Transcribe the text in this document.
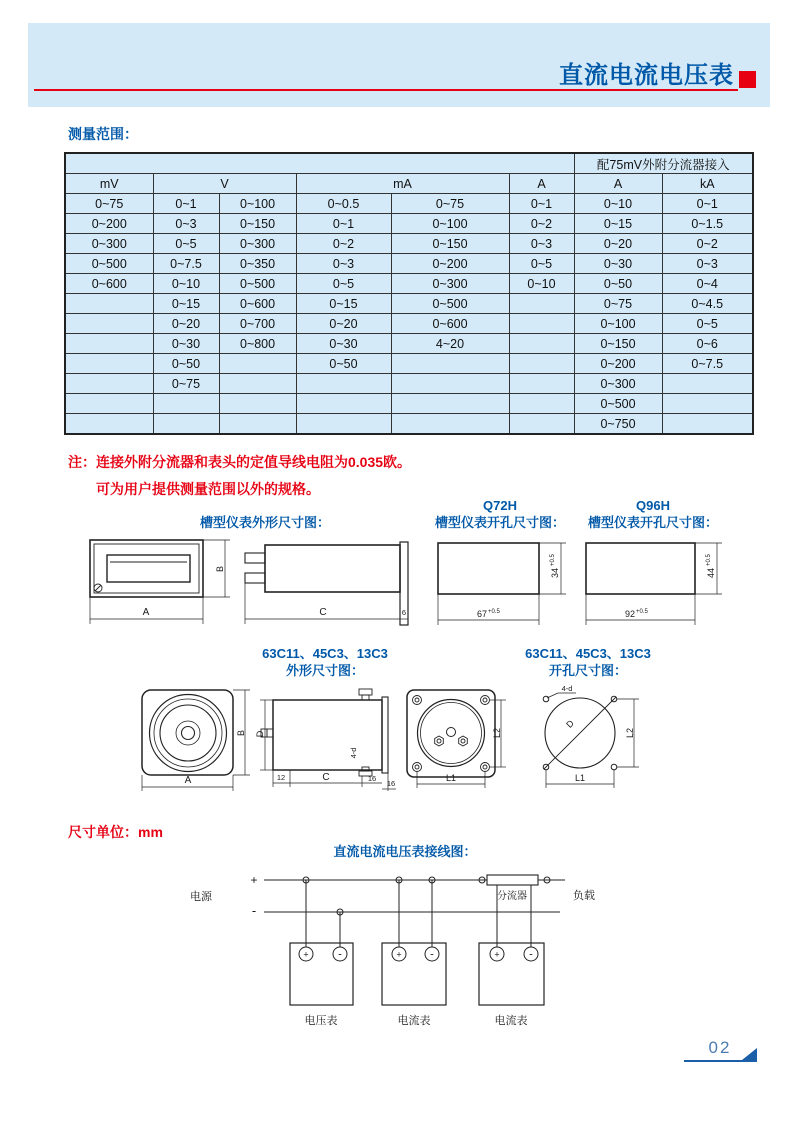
直流电流电压表
测量范围：
						配75mV外附分流器接入	
mV	V		mA		A	A	kA
0~75	0~1	0~100	0~0.5	0~75	0~1	0~10	0~1
0~200	0~3	0~150	0~1	0~100	0~2	0~15	0~1.5
0~300	0~5	0~300	0~2	0~150	0~3	0~20	0~2
0~500	0~7.5	0~350	0~3	0~200	0~5	0~30	0~3
0~600	0~10	0~500	0~5	0~300	0~10	0~50	0~4
	0~15	0~600	0~15	0~500		0~75	0~4.5
	0~20	0~700	0~20	0~600		0~100	0~5
	0~30	0~800	0~30	4~20		0~150	0~6
	0~50		0~50			0~200	0~7.5
	0~75					0~300	
						0~500	
						0~750	
注：连接外附分流器和表头的定值导线电阻为0.035欧。
可为用户提供测量范围以外的规格。
槽型仪表外形尺寸图：
Q72H
槽型仪表开孔尺寸图：
Q96H
槽型仪表开孔尺寸图：
B
A	C	6
34
+0.5
67 +0.5
44
+0.5
92 +0.5
63C11、45C3、13C3
外形尺寸图：
63C11、45C3、13C3
开孔尺寸图：
A
B
4-d
D
12	C	16
16
L1
L2
D
4-d
L1
L2
尺寸单位：mm
直流电流电压表接线图：
电源
+
-
分流器	负载
+	-	+	-	+	-
电压表	电流表	电流表
02
